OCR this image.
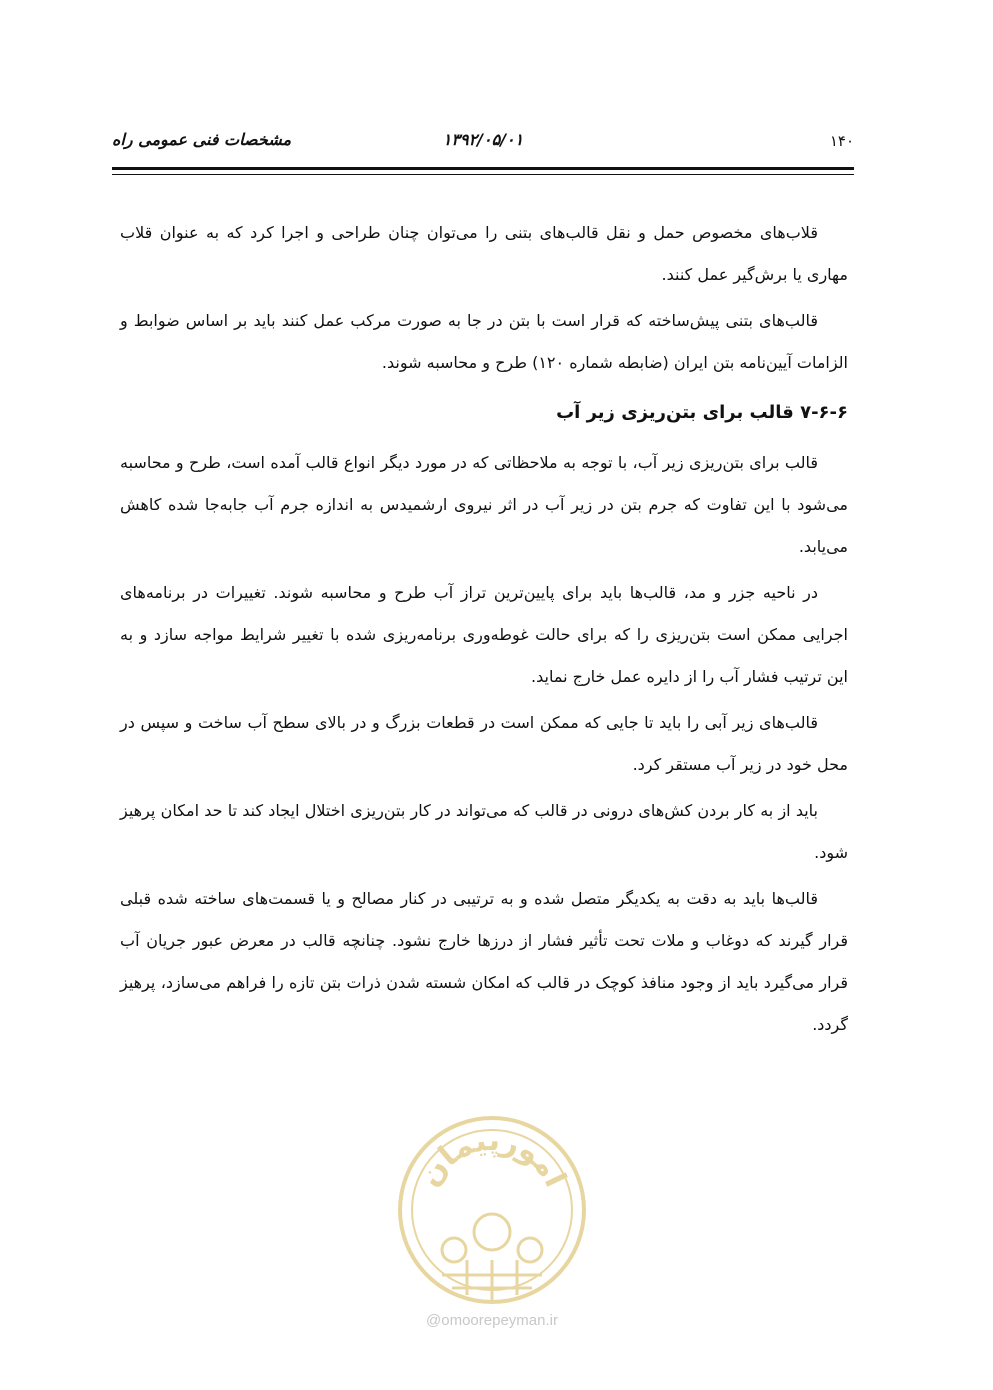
۱۴۰
۱۳۹۲/۰۵/۰۱
مشخصات فنی عمومی راه

قلاب‌های مخصوص حمل و نقل قالب‌های بتنی را می‌توان چنان طراحی و اجرا کرد که به عنوان قلاب مهاری یا برش‌گیر عمل کنند.

قالب‌های بتنی پیش‌ساخته که قرار است با بتن در جا به صورت مرکب عمل کنند باید بر اساس ضوابط و الزامات آیین‌نامه بتن ایران (ضابطه شماره ۱۲۰) طرح و محاسبه شوند.

۷-۶-۶ قالب برای بتن‌ریزی زیر آب

قالب برای بتن‌ریزی زیر آب، با توجه به ملاحظاتی که در مورد دیگر انواع قالب آمده است، طرح و محاسبه می‌شود با این تفاوت که جرم بتن در زیر آب در اثر نیروی ارشمیدس به اندازه جرم آب جابه‌جا شده کاهش می‌یابد.

در ناحیه جزر و مد، قالب‌ها باید برای پایین‌ترین تراز آب طرح و محاسبه شوند. تغییرات در برنامه‌های اجرایی ممکن است بتن‌ریزی را که برای حالت غوطه‌وری برنامه‌ریزی شده با تغییر شرایط مواجه سازد و به این ترتیب فشار آب را از دایره عمل خارج نماید.

قالب‌های زیر آبی را باید تا جایی که ممکن است در قطعات بزرگ و در بالای سطح آب ساخت و سپس در محل خود در زیر آب مستقر کرد.

باید از به کار بردن کش‌های درونی در قالب که می‌تواند در کار بتن‌ریزی اختلال ایجاد کند تا حد امکان پرهیز شود.

قالب‌ها باید به دقت به یکدیگر متصل شده و به ترتیبی در کنار مصالح و یا قسمت‌های ساخته شده قبلی قرار گیرند که دوغاب و ملات تحت تأثیر فشار از درزها خارج نشود. چنانچه قالب در معرض عبور جریان آب قرار می‌گیرد باید از وجود منافذ کوچک در قالب که امکان شسته شدن ذرات بتن تازه را فراهم می‌سازد، پرهیز گردد.

امورپیمان
@omoorepeyman.ir
